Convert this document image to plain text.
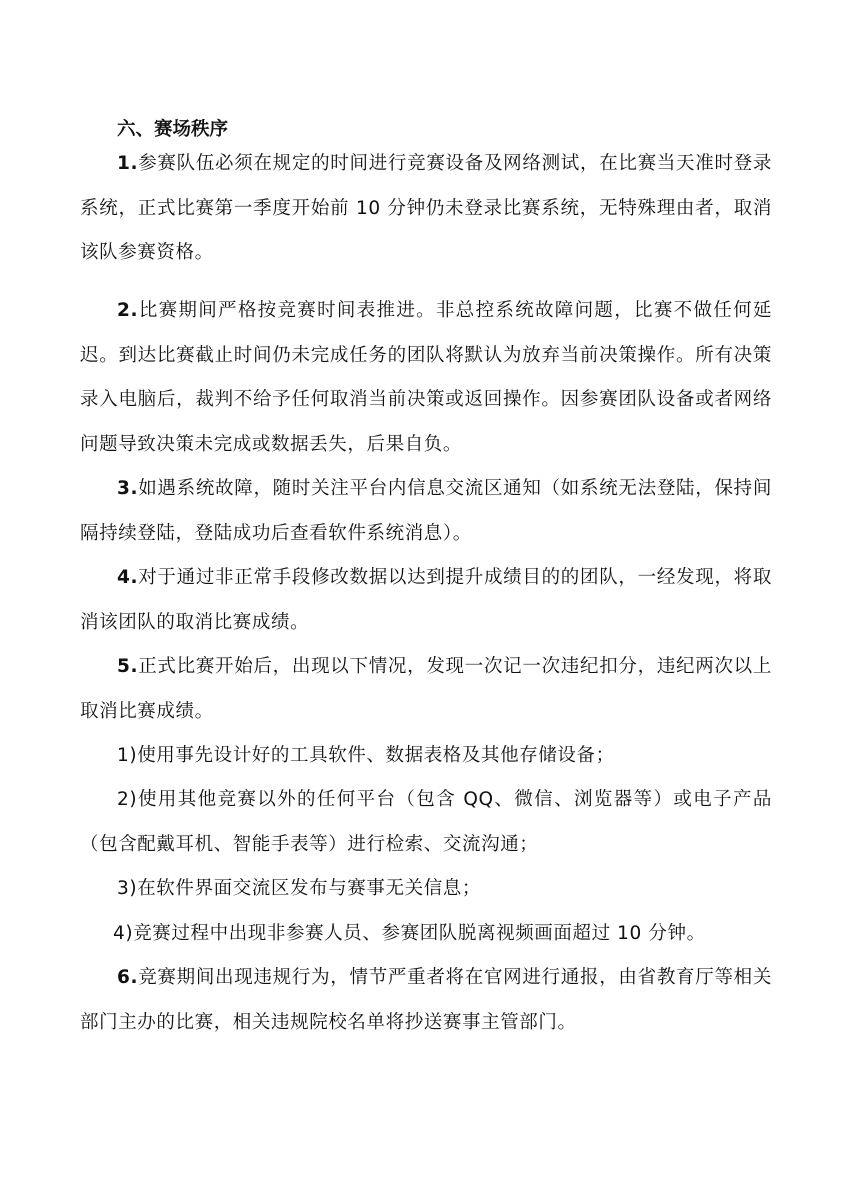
六、赛场秩序

1.参赛队伍必须在规定的时间进行竞赛设备及网络测试，在比赛当天准时登录系统，正式比赛第一季度开始前 10 分钟仍未登录比赛系统，无特殊理由者，取消该队参赛资格。

2.比赛期间严格按竞赛时间表推进。非总控系统故障问题，比赛不做任何延迟。到达比赛截止时间仍未完成任务的团队将默认为放弃当前决策操作。所有决策录入电脑后，裁判不给予任何取消当前决策或返回操作。因参赛团队设备或者网络问题导致决策未完成或数据丢失，后果自负。

3.如遇系统故障，随时关注平台内信息交流区通知（如系统无法登陆，保持间隔持续登陆，登陆成功后查看软件系统消息）。

4.对于通过非正常手段修改数据以达到提升成绩目的的团队，一经发现，将取消该团队的取消比赛成绩。

5.正式比赛开始后，出现以下情况，发现一次记一次违纪扣分，违纪两次以上取消比赛成绩。

1)使用事先设计好的工具软件、数据表格及其他存储设备；

2)使用其他竞赛以外的任何平台（包含 QQ、微信、浏览器等）或电子产品（包含配戴耳机、智能手表等）进行检索、交流沟通；

3)在软件界面交流区发布与赛事无关信息；

4)竞赛过程中出现非参赛人员、参赛团队脱离视频画面超过 10 分钟。

6.竞赛期间出现违规行为，情节严重者将在官网进行通报，由省教育厅等相关部门主办的比赛，相关违规院校名单将抄送赛事主管部门。
